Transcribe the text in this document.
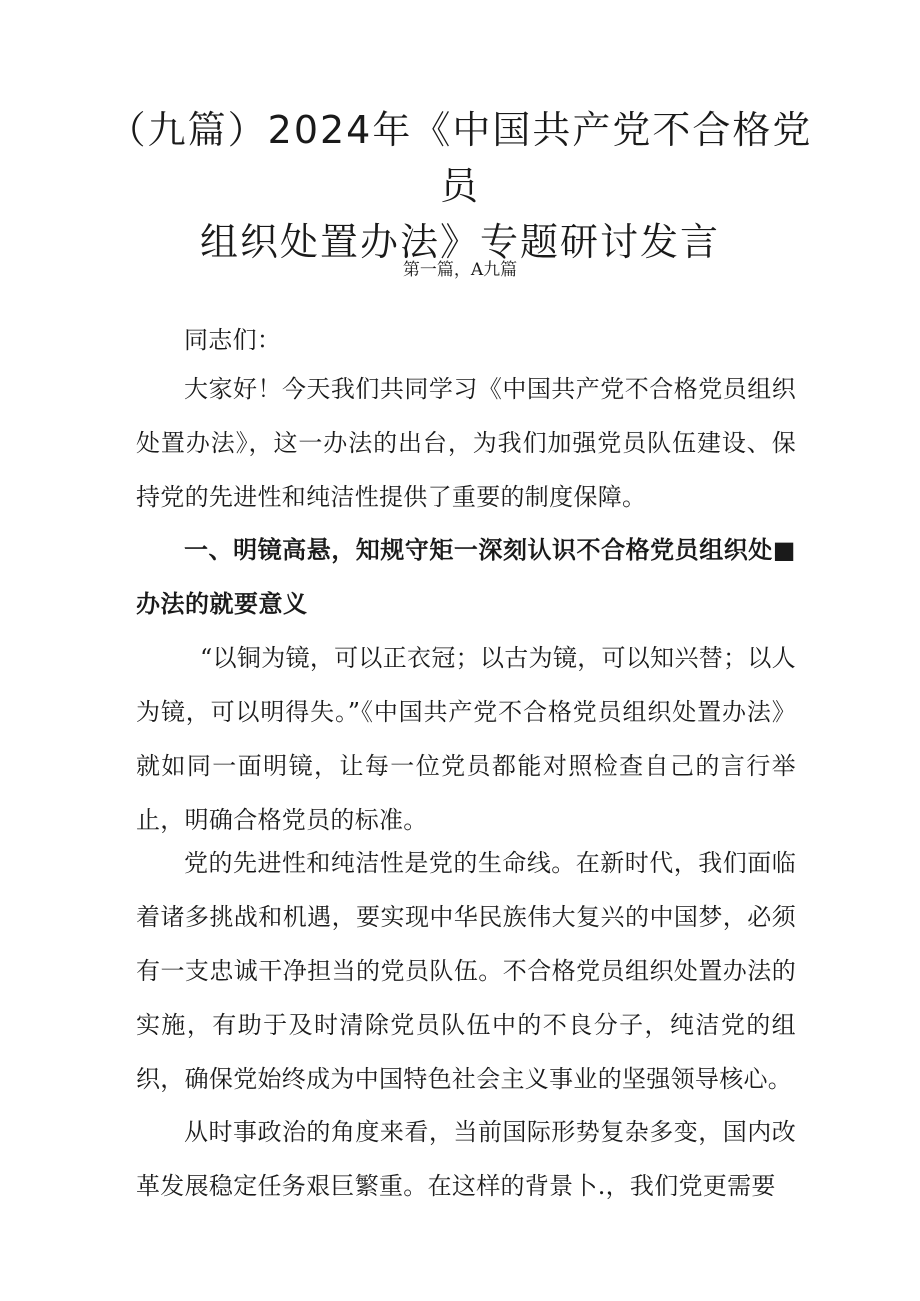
（九篇）2024年《中国共产党不合格党员
组织处置办法》专题研讨发言

第一篇，A九篇

同志们：

大家好！今天我们共同学习《中国共产党不合格党员组织处置办法》，这一办法的出台，为我们加强党员队伍建设、保持党的先进性和纯洁性提供了重要的制度保障。

一、明镜高悬，知规守矩一深刻认识不合格党员组织处■办法的就要意义

“以铜为镜，可以正衣冠；以古为镜，可以知兴替；以人为镜，可以明得失。”《中国共产党不合格党员组织处置办法》就如同一面明镜，让每一位党员都能对照检查自己的言行举止，明确合格党员的标准。

党的先进性和纯洁性是党的生命线。在新时代，我们面临着诸多挑战和机遇，要实现中华民族伟大复兴的中国梦，必须有一支忠诚干净担当的党员队伍。不合格党员组织处置办法的实施，有助于及时清除党员队伍中的不良分子，纯洁党的组织，确保党始终成为中国特色社会主义事业的坚强领导核心。

从时事政治的角度来看，当前国际形势复杂多变，国内改革发展稳定任务艰巨繁重。在这样的背景卜.，我们党更需要
